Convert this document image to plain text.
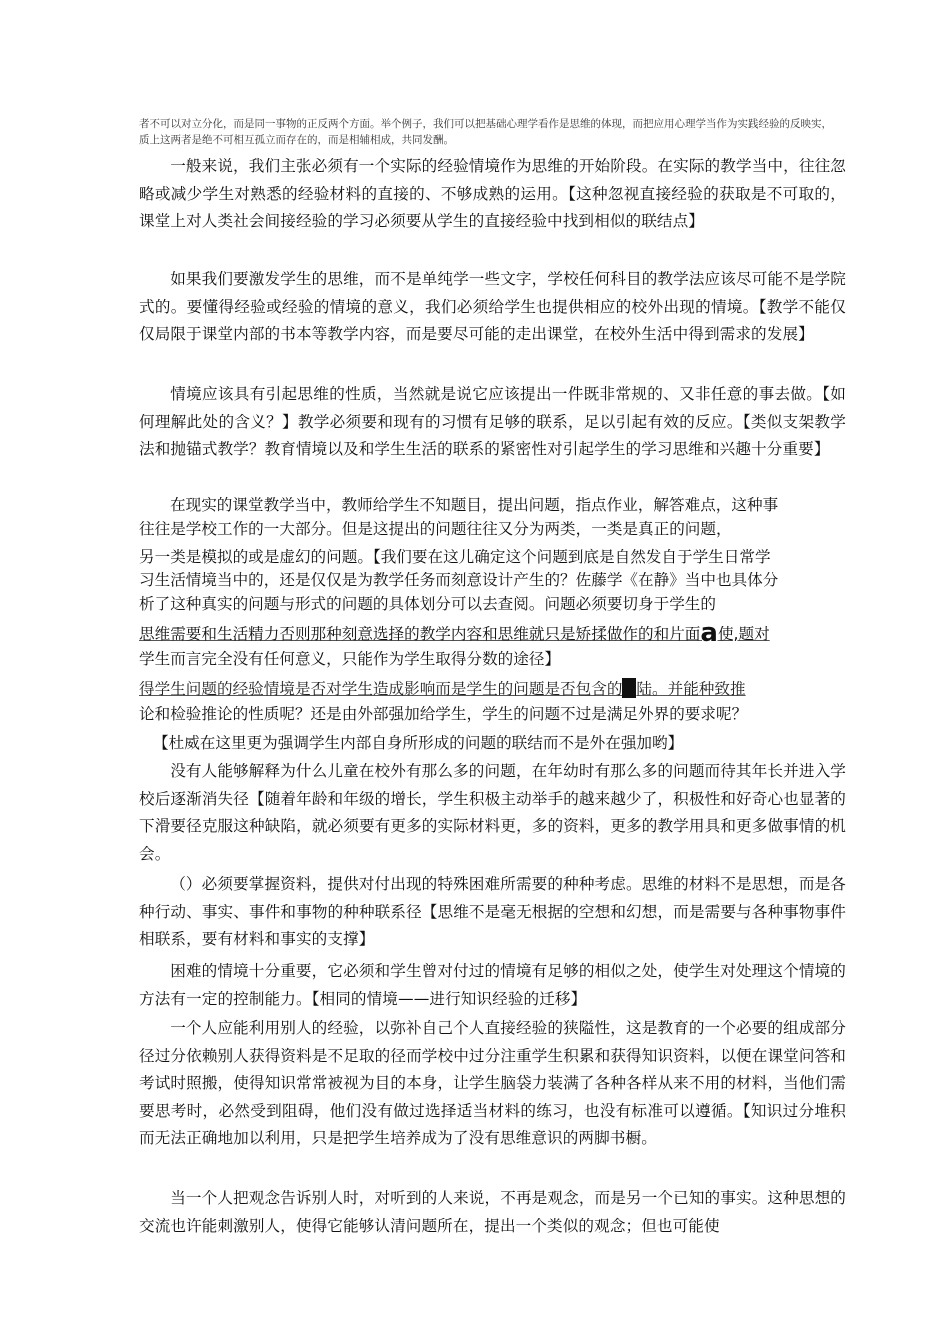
者不可以对立分化，而是同一事物的正反两个方面。举个例子，我们可以把基础心理学看作是思维的体现，而把应用心理学当作为实践经验的反映实，质上这两者是绝不可相互孤立而存在的，而是相辅相成，共同发酬。

一般来说，我们主张必须有一个实际的经验情境作为思维的开始阶段。在实际的教学当中，往往忽略或减少学生对熟悉的经验材料的直接的、不够成熟的运用。【这种忽视直接经验的获取是不可取的，课堂上对人类社会间接经验的学习必须要从学生的直接经验中找到相似的联结点】

如果我们要激发学生的思维，而不是单纯学一些文字，学校任何科目的教学法应该尽可能不是学院式的。要懂得经验或经验的情境的意义，我们必须给学生也提供相应的校外出现的情境。【教学不能仅仅局限于课堂内部的书本等教学内容，而是要尽可能的走出课堂，在校外生活中得到需求的发展】

情境应该具有引起思维的性质，当然就是说它应该提出一件既非常规的、又非任意的事去做。【如何理解此处的含义？】教学必须要和现有的习惯有足够的联系，足以引起有效的反应。【类似支架教学法和抛锚式教学？教育情境以及和学生生活的联系的紧密性对引起学生的学习思维和兴趣十分重要】

在现实的课堂教学当中，教师给学生不知题目，提出问题，指点作业，解答难点，这种事

往往是学校工作的一大部分。但是这提出的问题往往又分为两类，一类是真正的问题，

另一类是模拟的或是虚幻的问题。【我们要在这儿确定这个问题到底是自然发自于学生日常学

习生活情境当中的，还是仅仅是为教学任务而刻意设计产生的？佐藤学《在静》当中也具体分

析了这种真实的问题与形式的问题的具体划分可以去查阅。问题必须要切身于学生的

思维需要和生活精力否则那种刻意选择的教学内容和思维就只是矫揉做作的和片面a使,题对

学生而言完全没有任何意义，只能作为学生取得分数的途径】

得学生问题的经验情境是否对学生造成影响而是学生的问题是否包含的 陆。并能种致推

论和检验推论的性质呢？还是由外部强加给学生，学生的问题不过是满足外界的要求呢？

【杜威在这里更为强调学生内部自身所形成的问题的联结而不是外在强加哟】

没有人能够解释为什么儿童在校外有那么多的问题，在年幼时有那么多的问题而待其年长并进入学校后逐渐消失径【随着年龄和年级的增长，学生积极主动举手的越来越少了，积极性和好奇心也显著的下滑要径克服这种缺陷，就必须要有更多的实际材料更，多的资料，更多的教学用具和更多做事情的机会。

（）必须要掌握资料，提供对付出现的特殊困难所需要的种种考虑。思维的材料不是思想，而是各种行动、事实、事件和事物的种种联系径【思维不是毫无根据的空想和幻想，而是需要与各种事物事件相联系，要有材料和事实的支撑】

困难的情境十分重要，它必须和学生曾对付过的情境有足够的相似之处，使学生对处理这个情境的方法有一定的控制能力。【相同的情境——进行知识经验的迁移】

一个人应能利用别人的经验，以弥补自己个人直接经验的狭隘性，这是教育的一个必要的组成部分径过分依赖别人获得资料是不足取的径而学校中过分注重学生积累和获得知识资料，以便在课堂问答和考试时照搬，使得知识常常被视为目的本身，让学生脑袋力装满了各种各样从来不用的材料，当他们需要思考时，必然受到阻碍，他们没有做过选择适当材料的练习，也没有标准可以遵循。【知识过分堆积而无法正确地加以利用，只是把学生培养成为了没有思维意识的两脚书橱。

当一个人把观念告诉别人时，对听到的人来说，不再是观念，而是另一个已知的事实。这种思想的交流也许能刺激别人，使得它能够认清问题所在，提出一个类似的观念；但也可能使
